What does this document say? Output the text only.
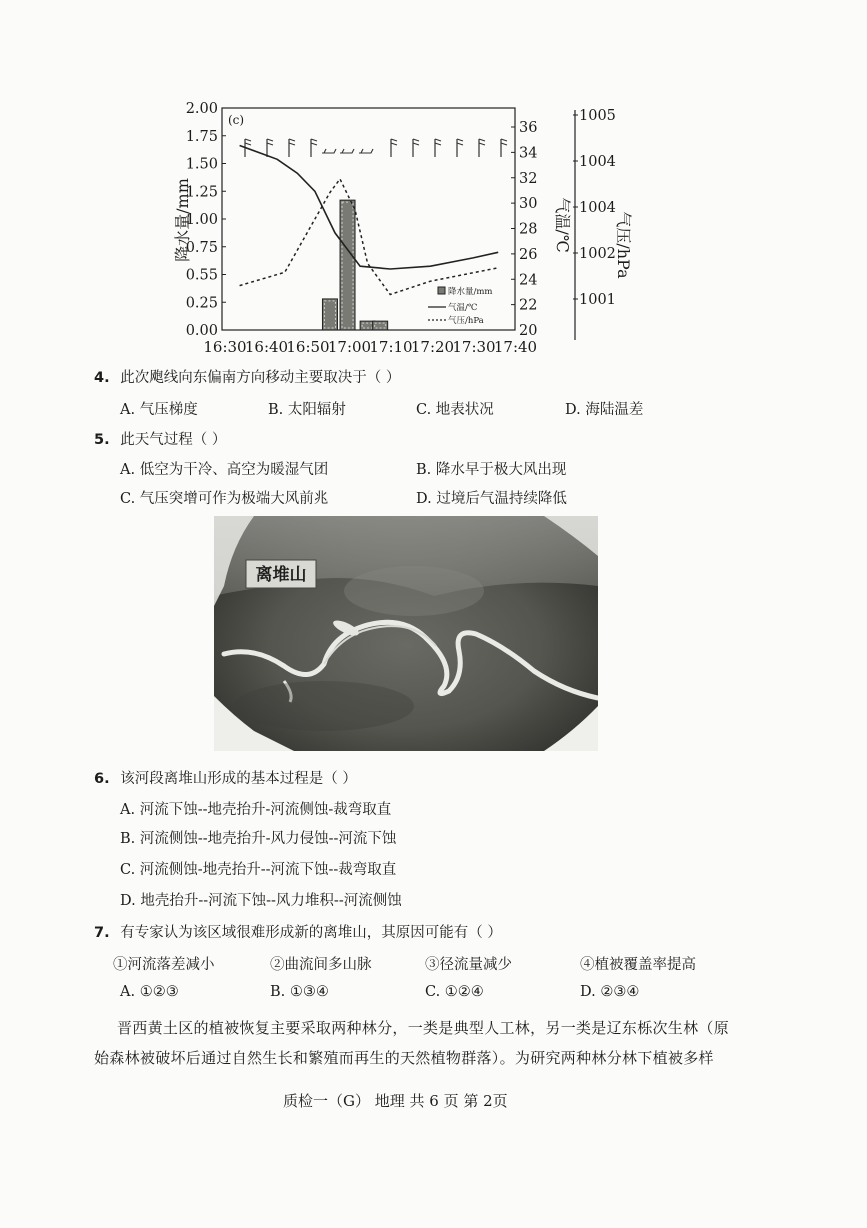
2.00
1.75
1.50
1.25
1.00
0.75
0.55
0.25
0.00
36
34
32
30
28
26
24
22
20
1005
1004
1004
1002
1001
16:30
16:40
16:50
17:00
17:10
17:20
17:30
17:40
降水量/mm	气温/℃	气压/hPa
(c)
降水量/mm
气温/℃
气压/hPa
4. 此次飑线向东偏南方向移动主要取决于（ ）
A. 气压梯度	B. 太阳辐射	C. 地表状况	D. 海陆温差
5. 此天气过程（ ）
A. 低空为干冷、高空为暖湿气团	B. 降水早于极大风出现
C. 气压突增可作为极端大风前兆	D. 过境后气温持续降低
离堆山
6. 该河段离堆山形成的基本过程是（ ）
A. 河流下蚀--地壳抬升-河流侧蚀-裁弯取直
B. 河流侧蚀--地壳抬升-风力侵蚀--河流下蚀
C. 河流侧蚀-地壳抬升--河流下蚀--裁弯取直
D. 地壳抬升--河流下蚀--风力堆积--河流侧蚀
7. 有专家认为该区域很难形成新的离堆山，其原因可能有（ ）
①河流落差减小	②曲流间多山脉	③径流量减少	④植被覆盖率提高
A. ①②③	B. ①③④	C. ①②④	D. ②③④
晋西黄土区的植被恢复主要采取两种林分，一类是典型人工林，另一类是辽东栎次生林（原
始森林被破坏后通过自然生长和繁殖而再生的天然植物群落）。为研究两种林分林下植被多样
质检一（G） 地理 共 6 页 第 2页
